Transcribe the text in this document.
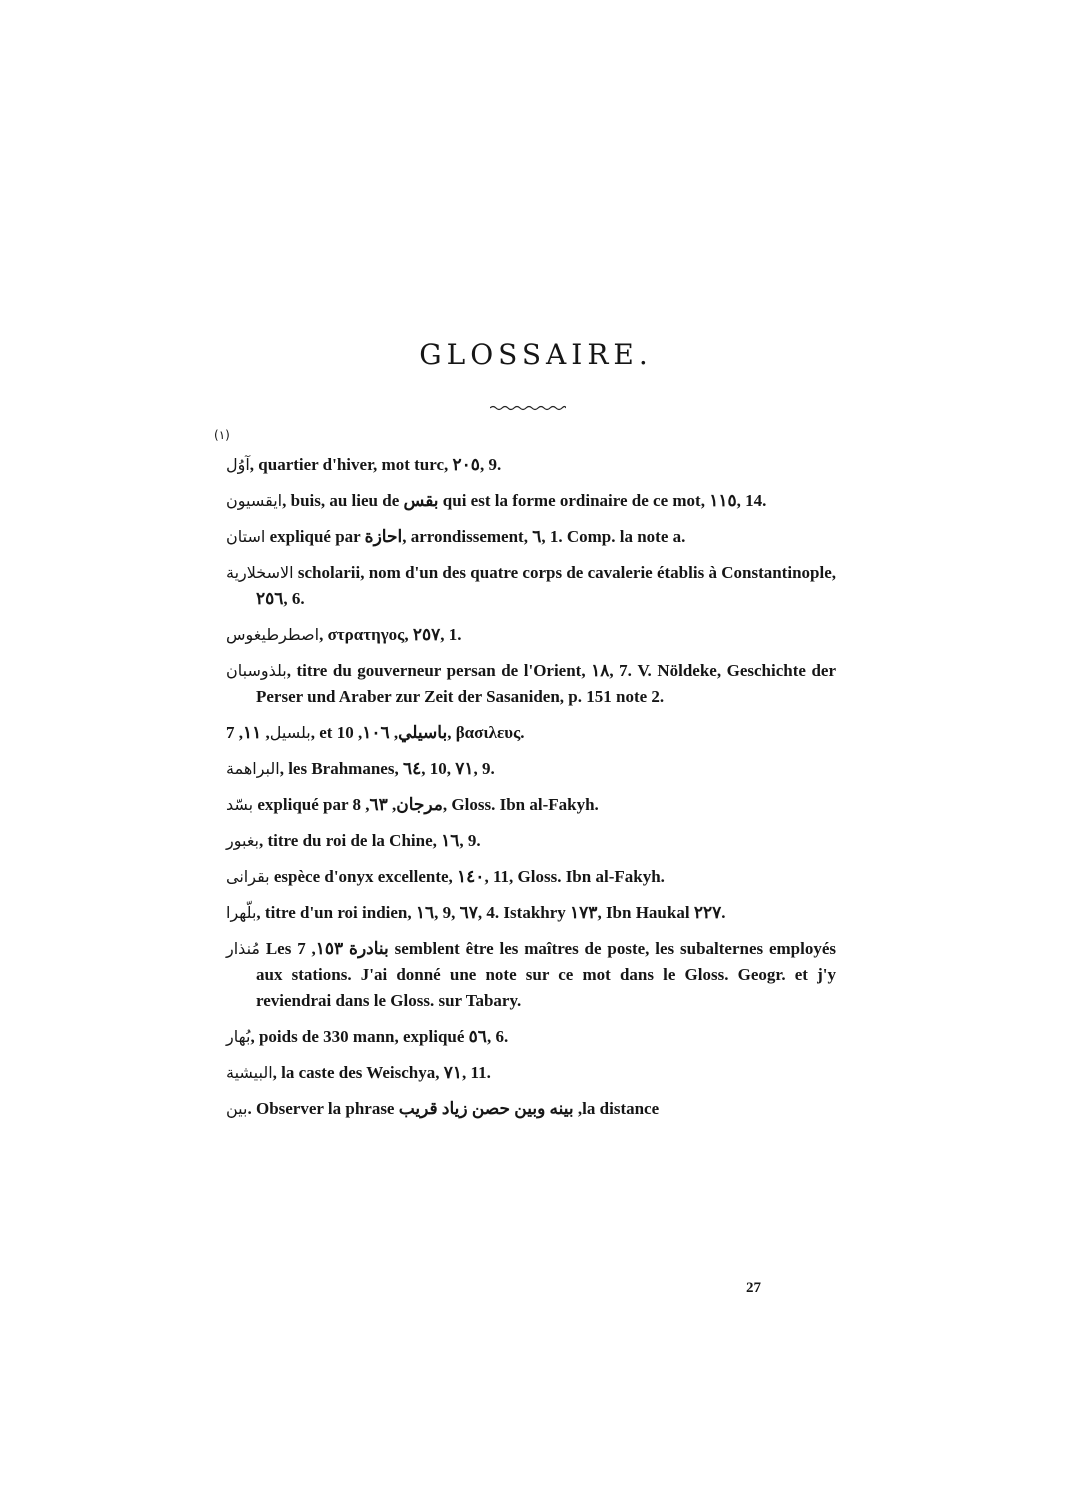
(١)
GLOSSAIRE.
آوُل, quartier d'hiver, mot turc, ٢٠٥, 9.
ايقسيون, buis, au lieu de بقس qui est la forme ordinaire de ce mot, ١١٥, 14.
استان expliqué par احازة, arrondissement, ٦, 1. Comp. la note a.
الاسخلارية scholarii, nom d'un des quatre corps de cavalerie établis à Constantinople, ٢٥٦, 6.
اصطرطيغوس, στρατηγος, ٢٥٧, 1.
بلذوسبان, titre du gouverneur persan de l'Orient, ١٨, 7. V. Nöldeke, Geschichte der Perser und Araber zur Zeit der Sasaniden, p. 151 note 2.
بلسيل, ١١, 7, et باسيلي, ١٠٦, 10, βασιλευς.
البراهمة, les Brahmanes, ٦٤, 10, ٧١, 9.
بسّد expliqué par مرجان, ٦٣, 8, Gloss. Ibn al-Fakyh.
بغبور, titre du roi de la Chine, ١٦, 9.
بقرانى espèce d'onyx excellente, ١٤٠, 11, Gloss. Ibn al-Fakyh.
بلّهرا, titre d'un roi indien, ١٦, 9, ٦٧, 4. Istakhry ١٧٣, Ibn Haukal ٢٢٧.
مُنذار Les بنادرة ١٥٣, 7 semblent être les maîtres de poste, les subalternes employés aux stations. J'ai donné une note sur ce mot dans le Gloss. Geogr. et j'y reviendrai dans le Gloss. sur Tabary.
بُهار, poids de 330 mann, expliqué ٥٦, 6.
البيشية, la caste des Weischya, ٧١, 11.
بين. Observer la phrase بينه وبين حصن زياد قريب ,la distance
27
